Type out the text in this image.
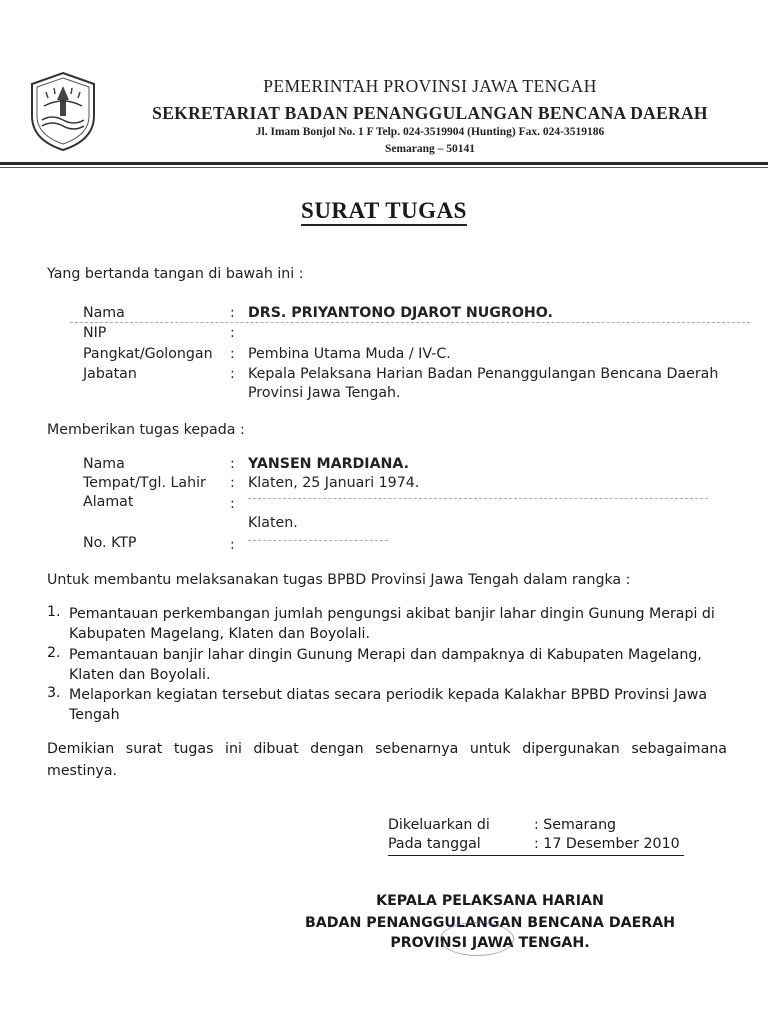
PEMERINTAH PROVINSI JAWA TENGAH
SEKRETARIAT BADAN PENANGGULANGAN BENCANA DAERAH
Jl. Imam Bonjol No. 1 F Telp. 024-3519904 (Hunting) Fax. 024-3519186
Semarang – 50141
SURAT TUGAS
Yang bertanda tangan di bawah ini :
Nama	: DRS. PRIYANTONO DJAROT NUGROHO.
NIP	:
Pangkat/Golongan : Pembina Utama Muda / IV-C.
Jabatan	: Kepala Pelaksana Harian Badan Penanggulangan Bencana Daerah
Provinsi Jawa Tengah.
Memberikan tugas kepada :
Nama	: YANSEN MARDIANA.
Tempat/Tgl. Lahir : Klaten, 25 Januari 1974.
Alamat	:
Klaten.
No. KTP	:
Untuk membantu melaksanakan tugas BPBD Provinsi Jawa Tengah dalam rangka :
1. Pemantauan perkembangan jumlah pengungsi akibat banjir lahar dingin Gunung Merapi di
Kabupaten Magelang, Klaten dan Boyolali.
2. Pemantauan banjir lahar dingin Gunung Merapi dan dampaknya di Kabupaten Magelang,
Klaten dan Boyolali.
3. Melaporkan kegiatan tersebut diatas secara periodik kepada Kalakhar BPBD Provinsi Jawa
Tengah
Demikian surat tugas ini dibuat dengan sebenarnya untuk dipergunakan sebagaimana mestinya.
Dikeluarkan di	: Semarang
Pada tanggal	: 17 Desember 2010
KEPALA PELAKSANA HARIAN
BADAN PENANGGULANGAN BENCANA DAERAH
PROVINSI JAWA TENGAH.
